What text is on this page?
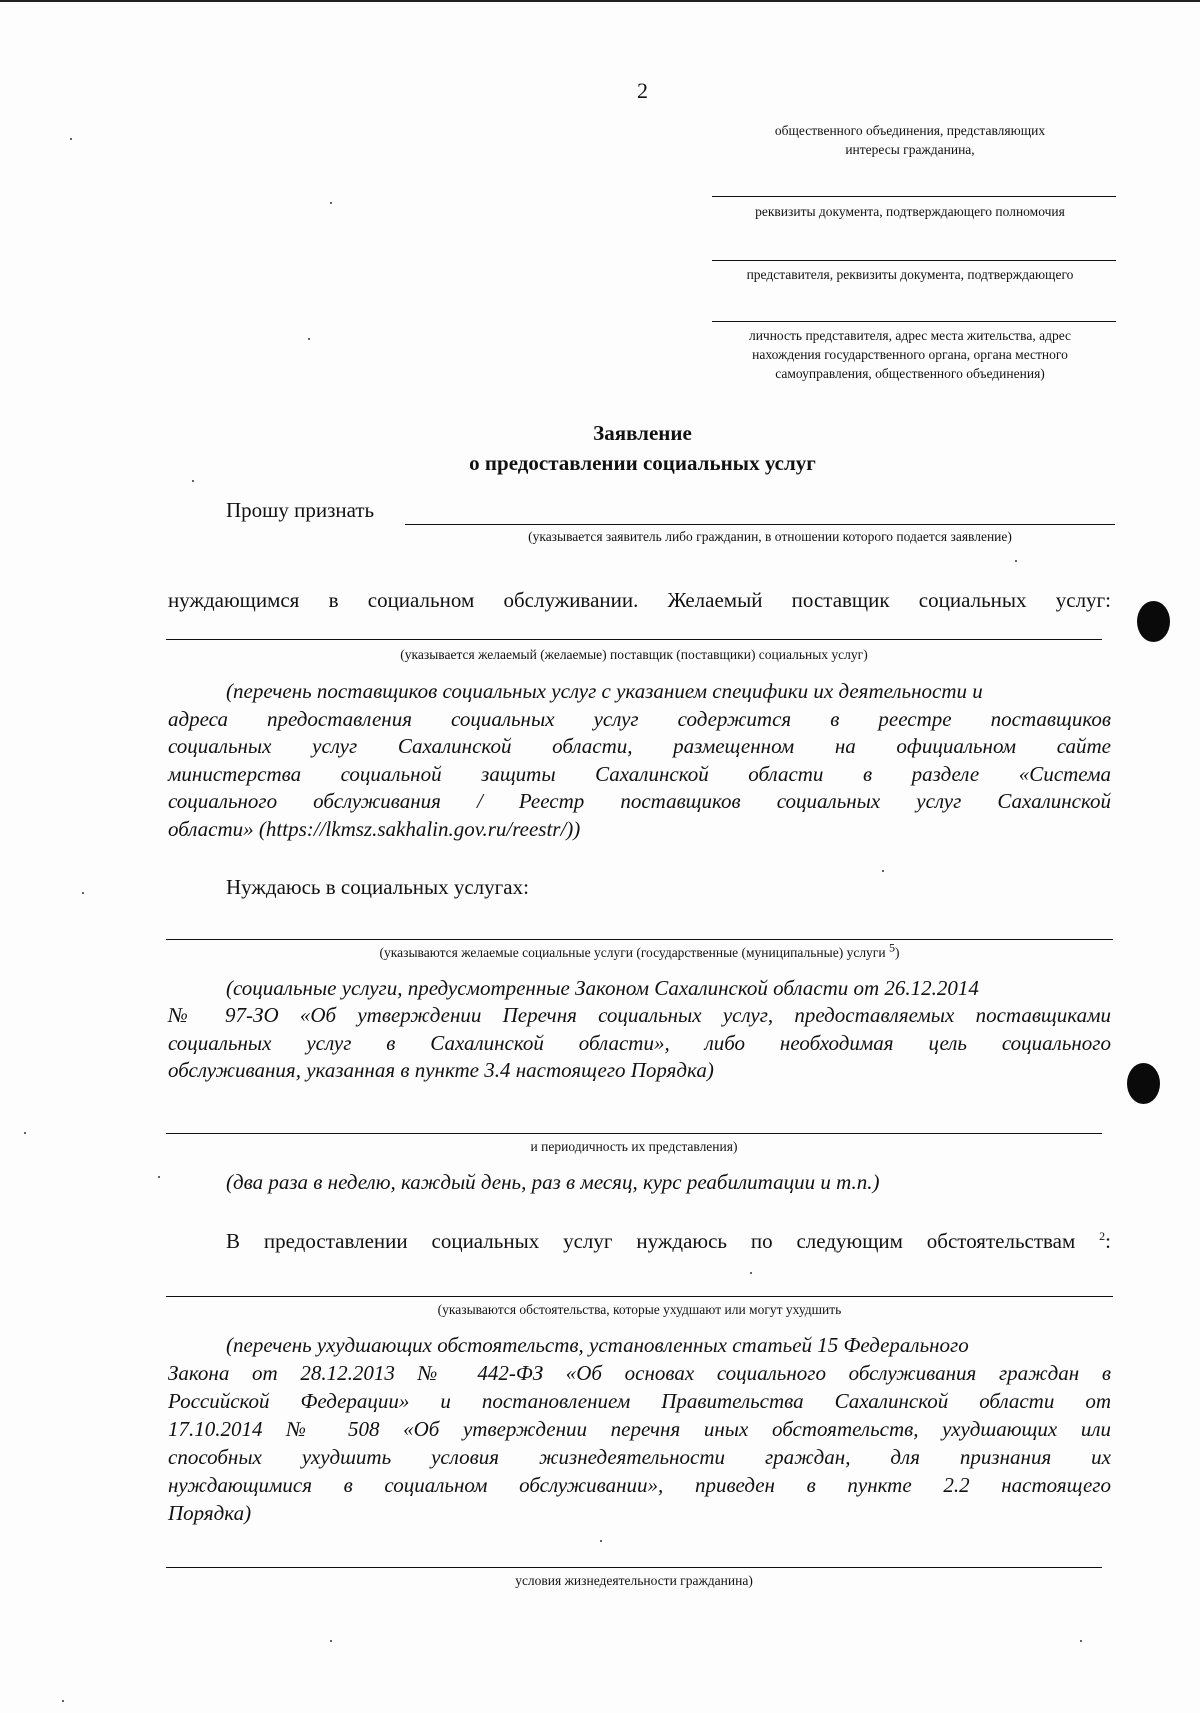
2
общественного объединения, представляющих
интересы гражданина,
реквизиты документа, подтверждающего полномочия
представителя, реквизиты документа, подтверждающего
личность представителя, адрес места жительства, адрес
нахождения государственного органа, органа местного
самоуправления, общественного объединения)
Заявление
о предоставлении социальных услуг
Прошу признать
(указывается заявитель либо гражданин, в отношении которого подается заявление)
нуждающимся в социальном обслуживании. Желаемый поставщик социальных услуг:
(указывается желаемый (желаемые) поставщик (поставщики) социальных услуг)
(перечень поставщиков социальных услуг с указанием специфики их деятельности и
адреса предоставления социальных услуг содержится в реестре поставщиков
социальных услуг Сахалинской области, размещенном на официальном сайте
министерства социальной защиты Сахалинской области в разделе «Система
социального обслуживания / Реестр поставщиков социальных услуг Сахалинской
области» (https://lkmsz.sakhalin.gov.ru/reestr/))
Нуждаюсь в социальных услугах:
(указываются желаемые социальные услуги (государственные (муниципальные) услуги $^5$)
(социальные услуги, предусмотренные Законом Сахалинской области от 26.12.2014
№ 97-ЗО «Об утверждении Перечня социальных услуг, предоставляемых поставщиками
социальных услуг в Сахалинской области», либо необходимая цель социального
обслуживания, указанная в пункте 3.4 настоящего Порядка)
и периодичность их представления)
(два раза в неделю, каждый день, раз в месяц, курс реабилитации и т.п.)
В предоставлении социальных услуг нуждаюсь по следующим обстоятельствам $^2$:
(указываются обстоятельства, которые ухудшают или могут ухудшить
(перечень ухудшающих обстоятельств, установленных статьей 15 Федерального
Закона от 28.12.2013 № 442-ФЗ «Об основах социального обслуживания граждан в
Российской Федерации» и постановлением Правительства Сахалинской области от
17.10.2014 № 508 «Об утверждении перечня иных обстоятельств, ухудшающих или
способных ухудшить условия жизнедеятельности граждан, для признания их
нуждающимися в социальном обслуживании», приведен в пункте 2.2 настоящего
Порядка)
условия жизнедеятельности гражданина)
